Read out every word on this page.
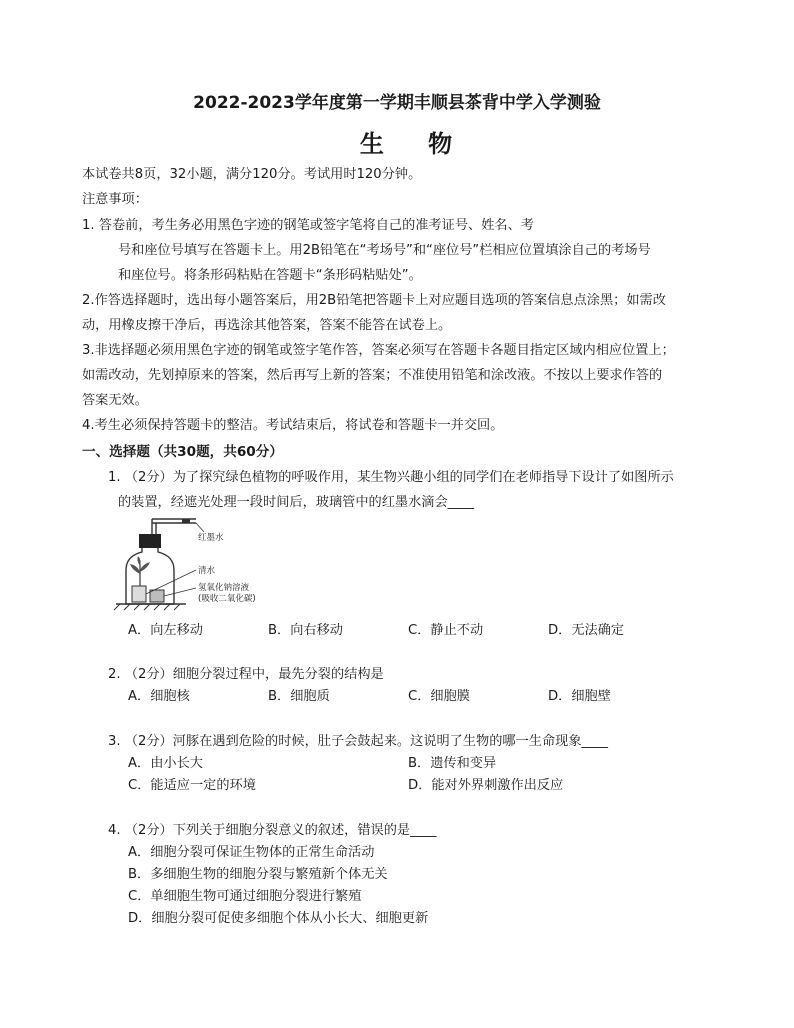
2022-2023学年度第一学期丰顺县茶背中学入学测验
生 物
本试卷共8页，32小题，满分120分。考试用时120分钟。
注意事项：
1. 答卷前，考生务必用黑色字迹的钢笔或签字笔将自己的准考证号、姓名、考
号和座位号填写在答题卡上。用2B铅笔在“考场号”和“座位号”栏相应位置填涂自己的考场号
和座位号。将条形码粘贴在答题卡“条形码粘贴处”。
2.作答选择题时，选出每小题答案后，用2B铅笔把答题卡上对应题目选项的答案信息点涂黑；如需改
动，用橡皮擦干净后，再选涂其他答案，答案不能答在试卷上。
3.非选择题必须用黑色字迹的钢笔或签字笔作答，答案必须写在答题卡各题目指定区域内相应位置上；
如需改动，先划掉原来的答案，然后再写上新的答案；不准使用铅笔和涂改液。不按以上要求作答的
答案无效。
4.考生必须保持答题卡的整洁。考试结束后，将试卷和答题卡一并交回。
一、选择题（共30题，共60分）
1. （2分）为了探究绿色植物的呼吸作用，某生物兴趣小组的同学们在老师指导下设计了如图所示
的装置，经遮光处理一段时间后，玻璃管中的红墨水滴会____
红墨水
清水
氢氧化钠溶液
(吸收二氧化碳)
A．向左移动	B．向右移动	C．静止不动	D．无法确定
2. （2分）细胞分裂过程中，最先分裂的结构是
A．细胞核	B．细胞质	C．细胞膜	D．细胞壁
3. （2分）河豚在遇到危险的时候，肚子会鼓起来。这说明了生物的哪一生命现象____
A．由小长大	B．遗传和变异
C．能适应一定的环境	D．能对外界刺激作出反应
4. （2分）下列关于细胞分裂意义的叙述，错误的是____
A．细胞分裂可保证生物体的正常生命活动
B．多细胞生物的细胞分裂与繁殖新个体无关
C．单细胞生物可通过细胞分裂进行繁殖
D．细胞分裂可促使多细胞个体从小长大、细胞更新
